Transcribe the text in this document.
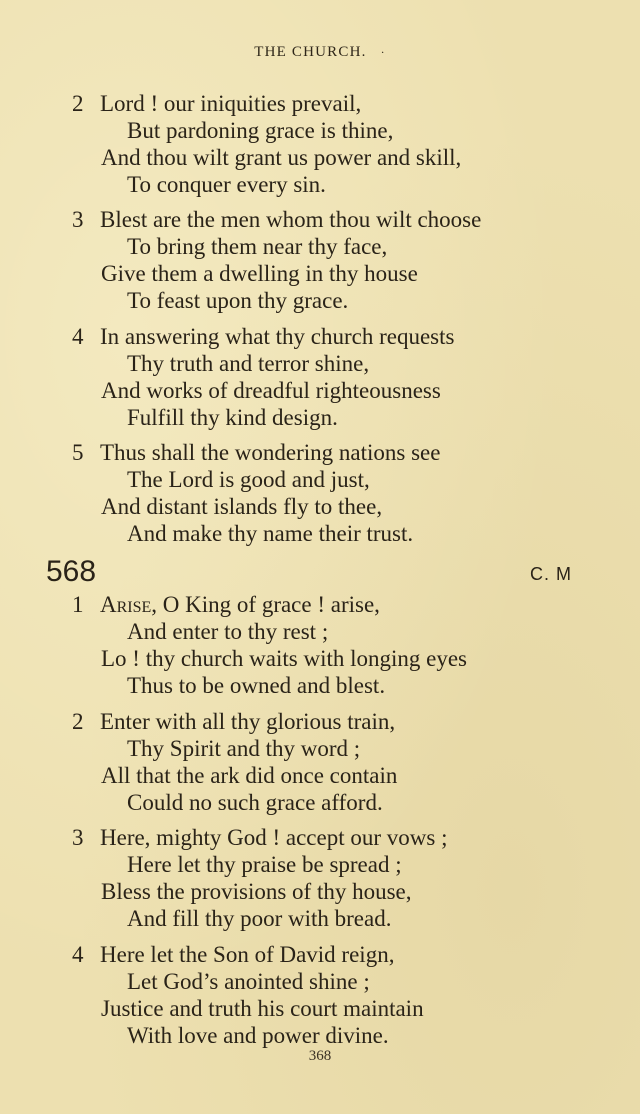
THE CHURCH. ·
2 Lord ! our iniquities prevail,
But pardoning grace is thine,
And thou wilt grant us power and skill,
To conquer every sin.
3 Blest are the men whom thou wilt choose
To bring them near thy face,
Give them a dwelling in thy house
To feast upon thy grace.
4 In answering what thy church requests
Thy truth and terror shine,
And works of dreadful righteousness
Fulfill thy kind design.
5 Thus shall the wondering nations see
The Lord is good and just,
And distant islands fly to thee,
And make thy name their trust.
568	C. M
1 Arise, O King of grace ! arise,
And enter to thy rest ;
Lo ! thy church waits with longing eyes
Thus to be owned and blest.
2 Enter with all thy glorious train,
Thy Spirit and thy word ;
All that the ark did once contain
Could no such grace afford.
3 Here, mighty God ! accept our vows ;
Here let thy praise be spread ;
Bless the provisions of thy house,
And fill thy poor with bread.
4 Here let the Son of David reign,
Let God’s anointed shine ;
Justice and truth his court maintain
With love and power divine.
368
